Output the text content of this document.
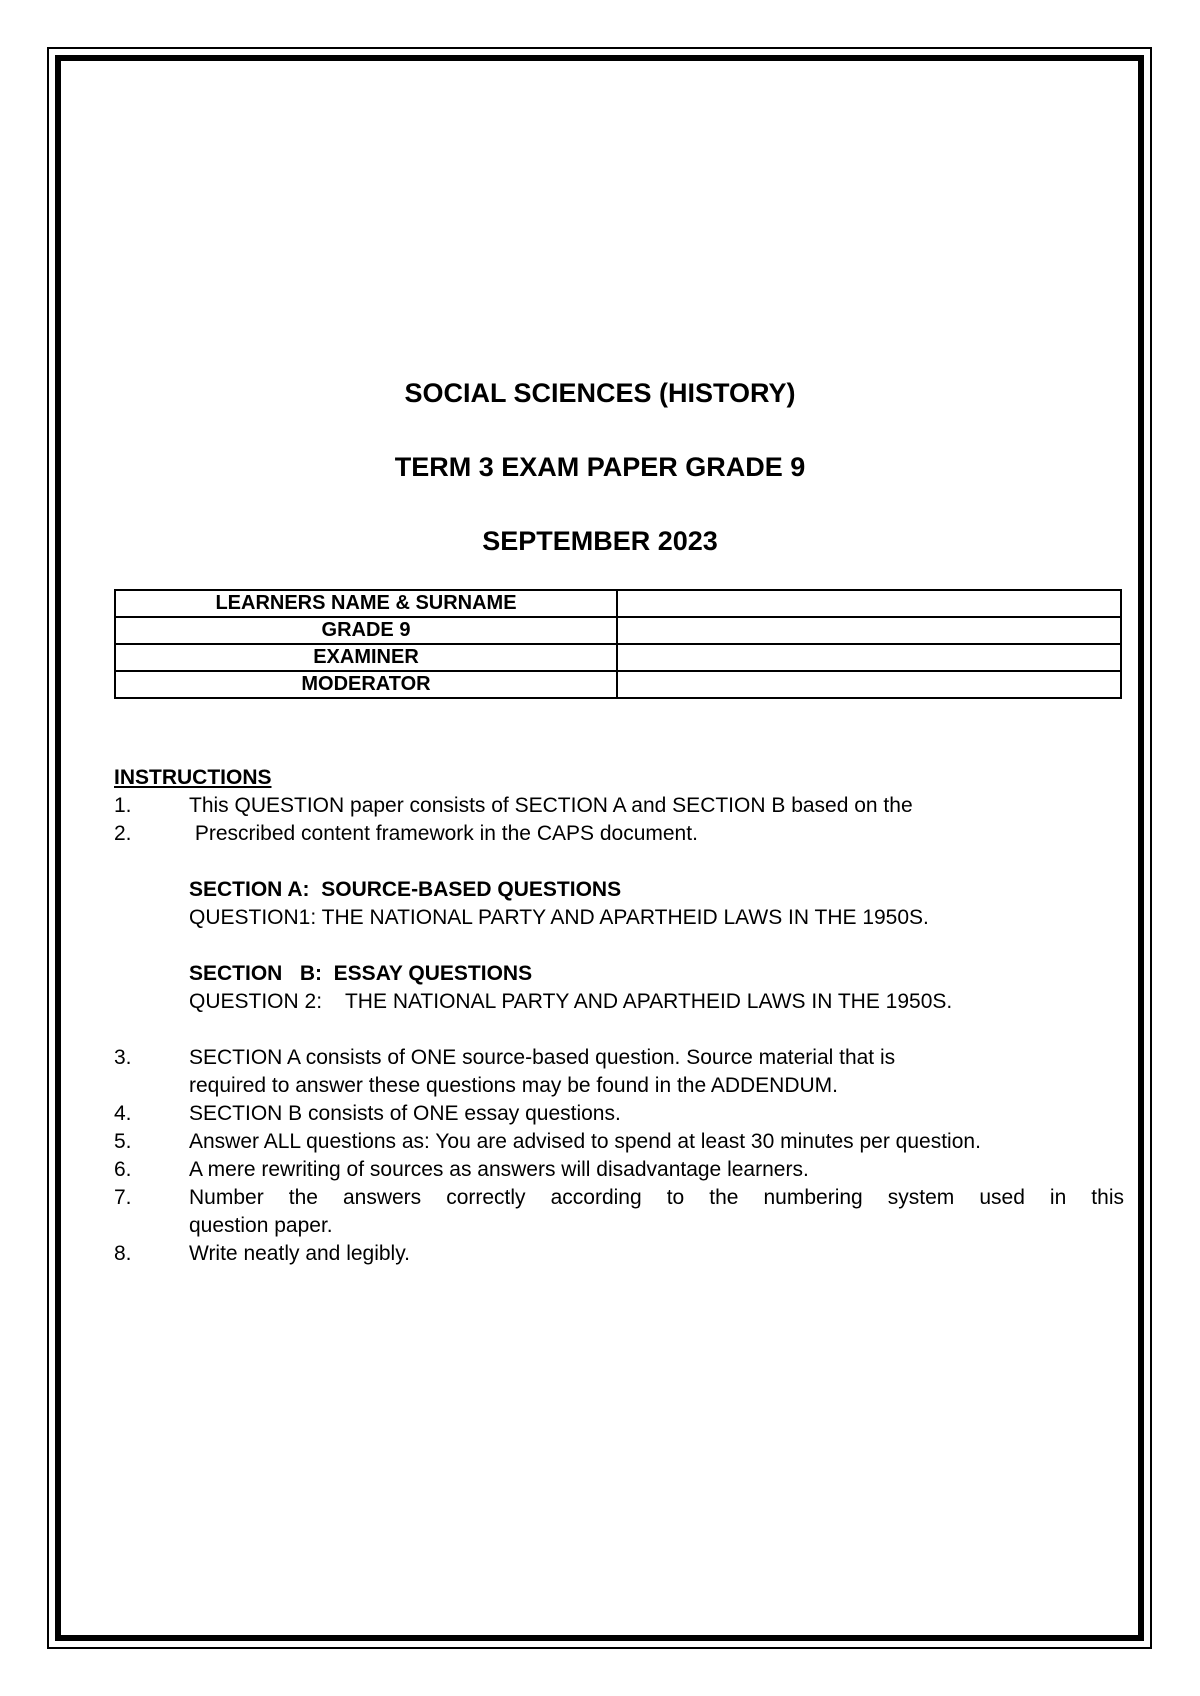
SOCIAL SCIENCES (HISTORY)
TERM 3 EXAM PAPER GRADE 9
SEPTEMBER 2023
LEARNERS NAME & SURNAME	
GRADE 9	
EXAMINER	
MODERATOR	
INSTRUCTIONS
1.	This QUESTION paper consists of SECTION A and SECTION B based on the
2.	Prescribed content framework in the CAPS document.
SECTION A:  SOURCE-BASED QUESTIONS
QUESTION1: THE NATIONAL PARTY AND APARTHEID LAWS IN THE 1950S.
SECTION   B:  ESSAY QUESTIONS
QUESTION 2:    THE NATIONAL PARTY AND APARTHEID LAWS IN THE 1950S.
3.	SECTION A consists of ONE source-based question. Source material that is
required to answer these questions may be found in the ADDENDUM.
4.	SECTION B consists of ONE essay questions.
5.	Answer ALL questions as: You are advised to spend at least 30 minutes per question.
6.	A mere rewriting of sources as answers will disadvantage learners.
7.	Number the answers correctly according to the numbering system used in this
question paper.
8.	Write neatly and legibly.
